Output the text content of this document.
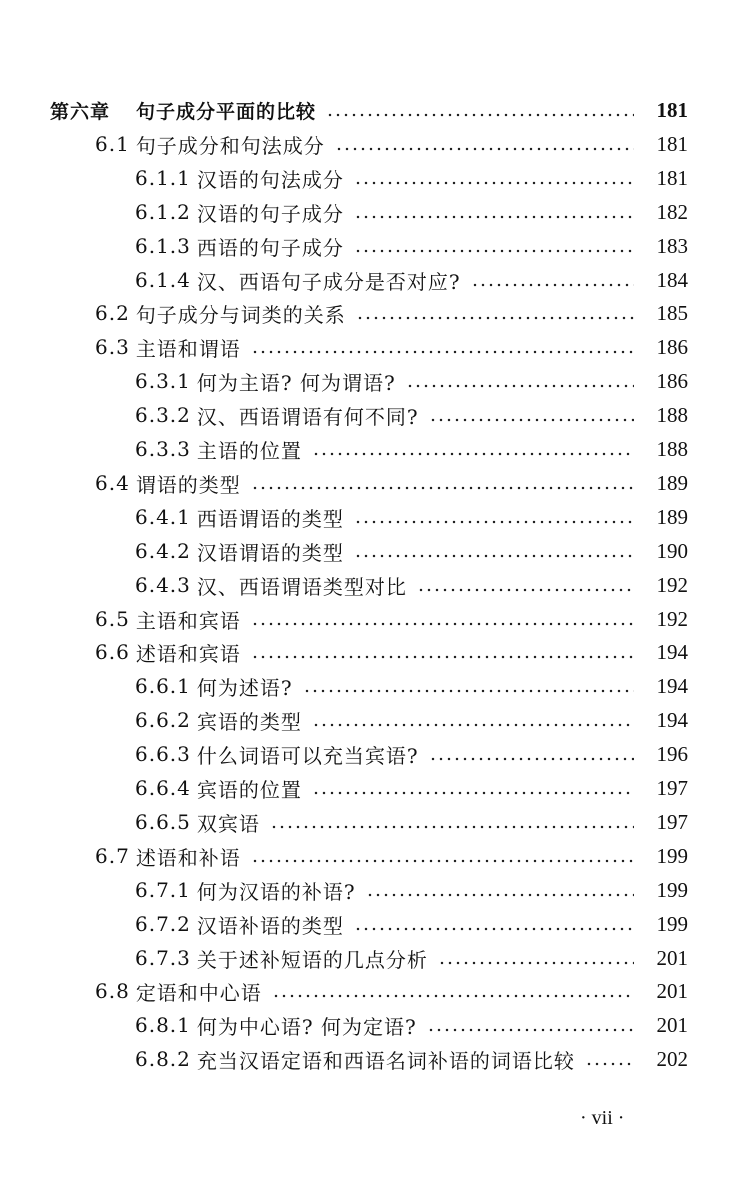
第六章 句子成分平面的比较	181
6.1 句子成分和句法成分	181
6.1.1 汉语的句法成分	181
6.1.2 汉语的句子成分	182
6.1.3 西语的句子成分	183
6.1.4 汉、西语句子成分是否对应?	184
6.2 句子成分与词类的关系	185
6.3 主语和谓语	186
6.3.1 何为主语? 何为谓语?	186
6.3.2 汉、西语谓语有何不同?	188
6.3.3 主语的位置	188
6.4 谓语的类型	189
6.4.1 西语谓语的类型	189
6.4.2 汉语谓语的类型	190
6.4.3 汉、西语谓语类型对比	192
6.5 主语和宾语	192
6.6 述语和宾语	194
6.6.1 何为述语?	194
6.6.2 宾语的类型	194
6.6.3 什么词语可以充当宾语?	196
6.6.4 宾语的位置	197
6.6.5 双宾语	197
6.7 述语和补语	199
6.7.1 何为汉语的补语?	199
6.7.2 汉语补语的类型	199
6.7.3 关于述补短语的几点分析	201
6.8 定语和中心语	201
6.8.1 何为中心语? 何为定语?	201
6.8.2 充当汉语定语和西语名词补语的词语比较	202
· vii ·
